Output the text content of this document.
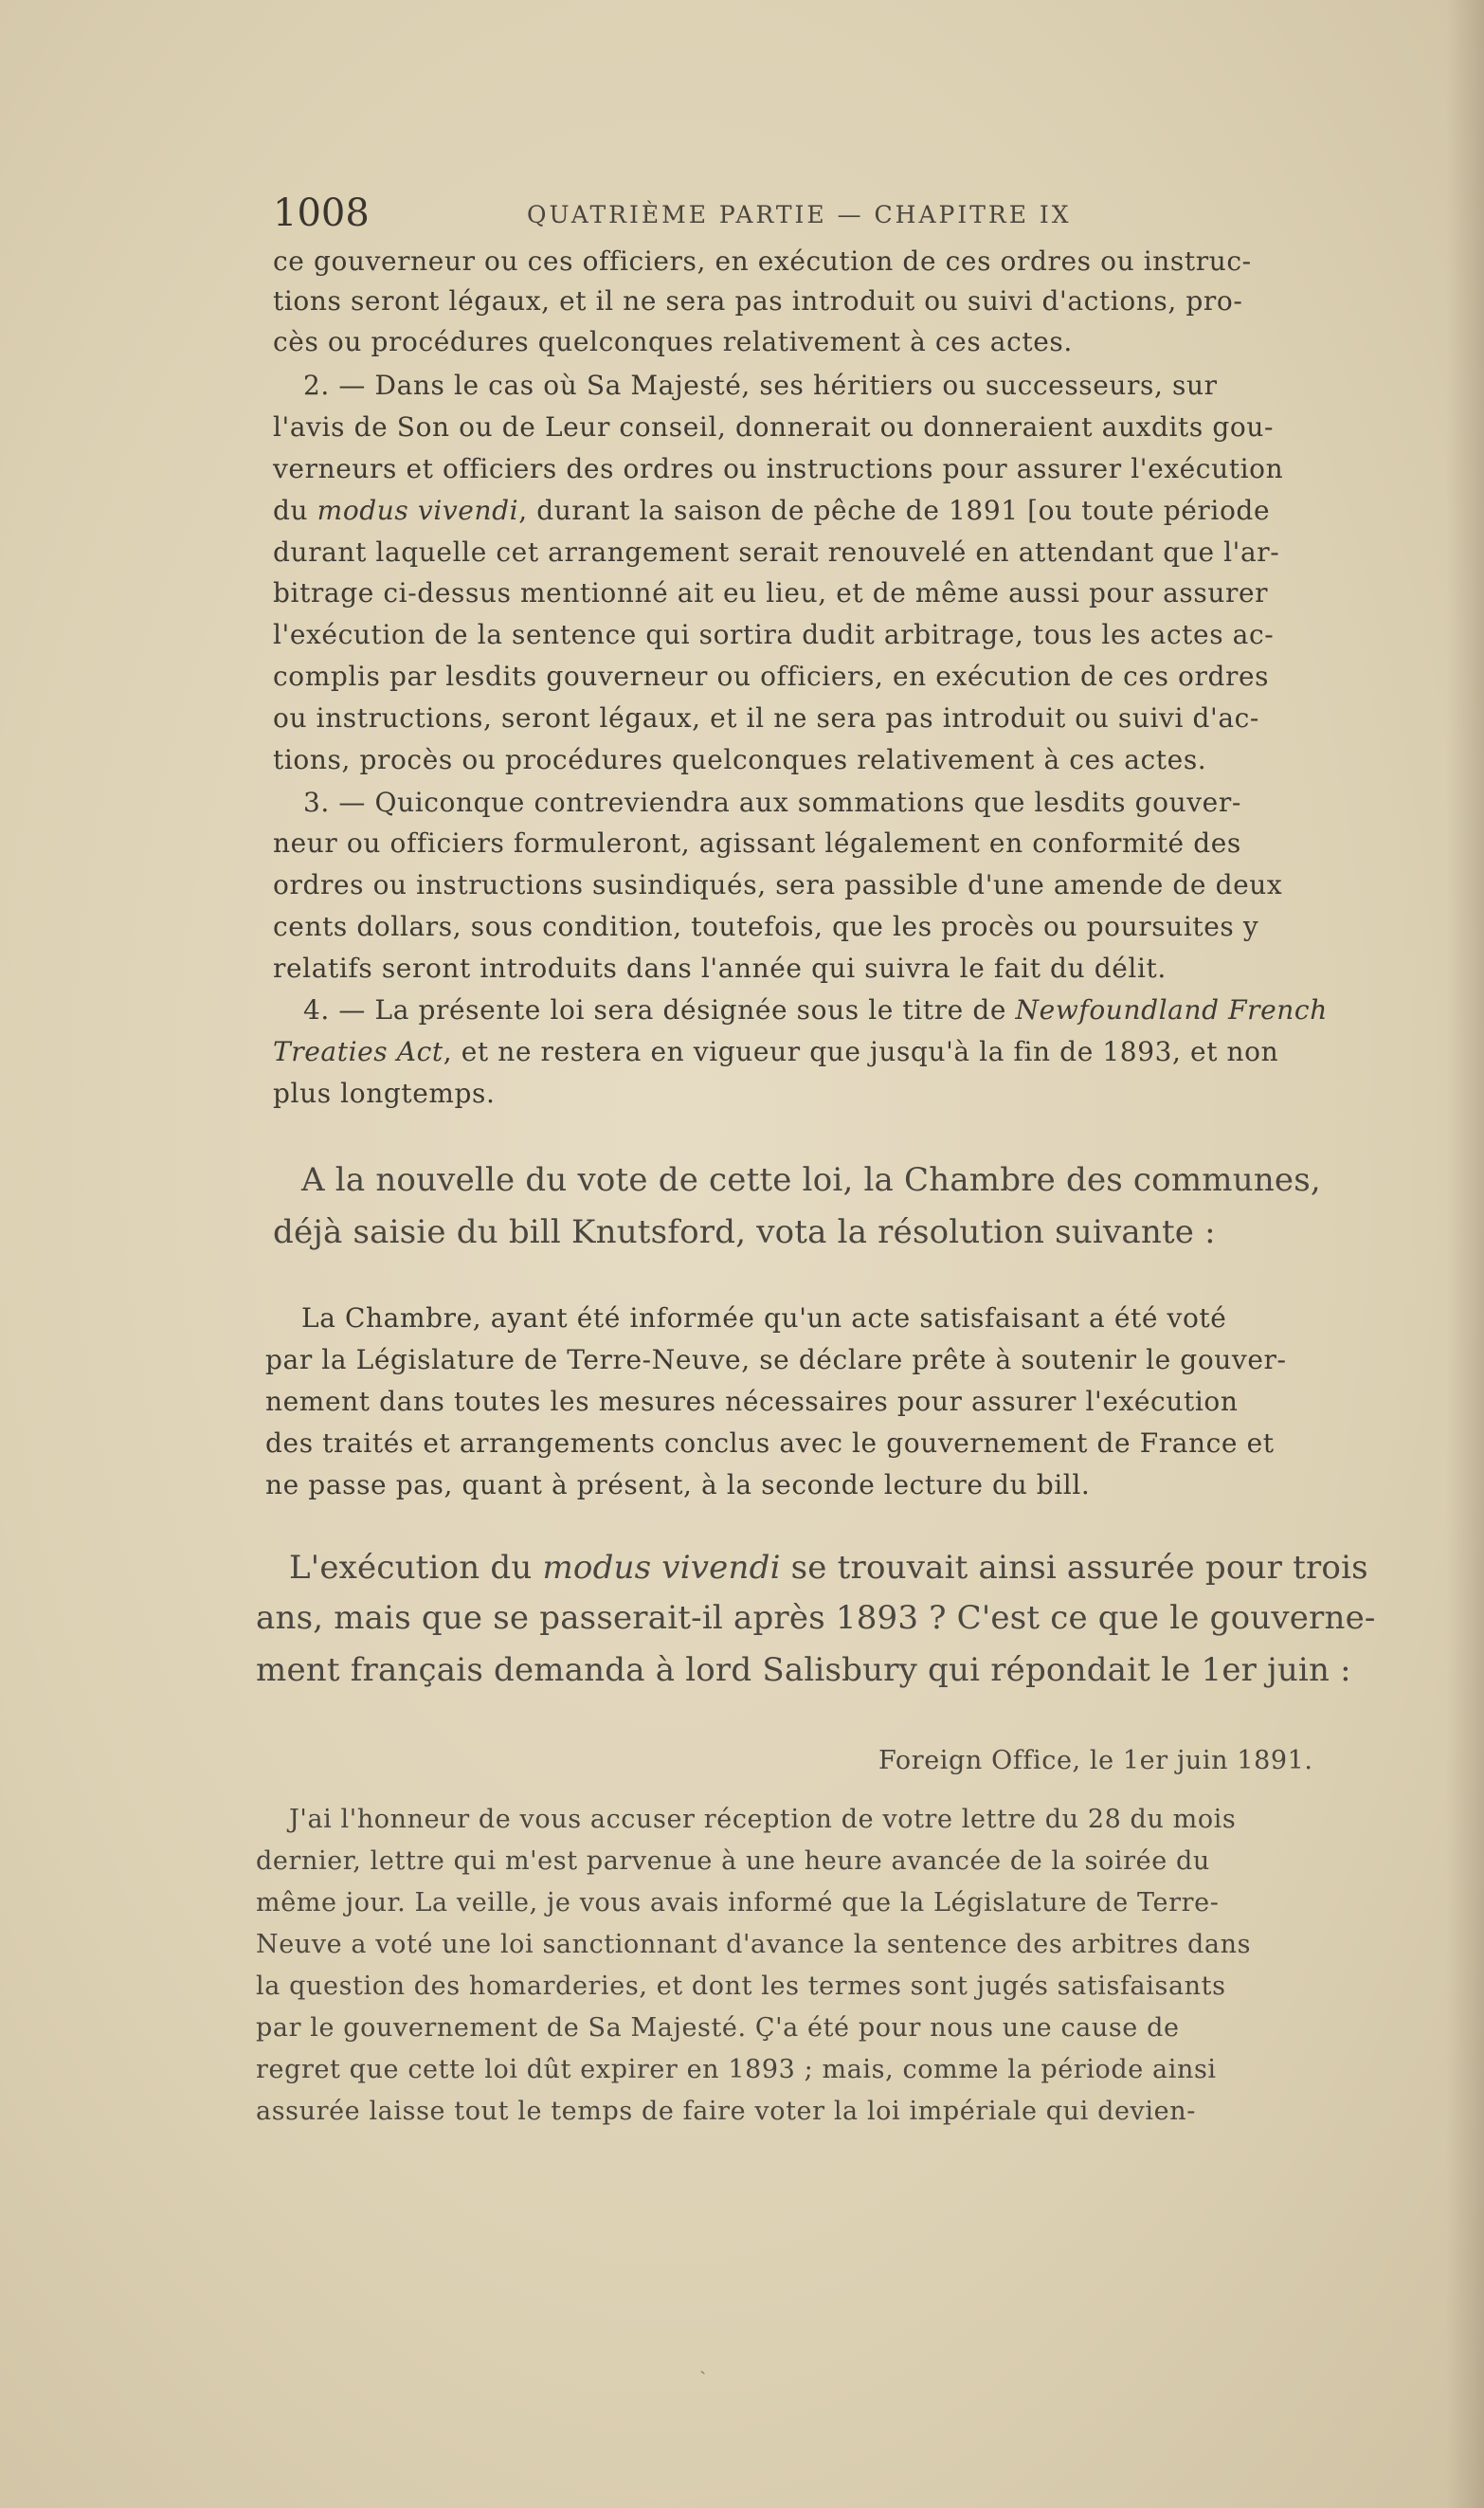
1008	QUATRIÈME PARTIE — CHAPITRE IX
ce gouverneur ou ces officiers, en exécution de ces ordres ou instruc-
tions seront légaux, et il ne sera pas introduit ou suivi d'actions, pro-
cès ou procédures quelconques relativement à ces actes.
2. — Dans le cas où Sa Majesté, ses héritiers ou successeurs, sur
l'avis de Son ou de Leur conseil, donnerait ou donneraient auxdits gou-
verneurs et officiers des ordres ou instructions pour assurer l'exécution
du modus vivendi, durant la saison de pêche de 1891 [ou toute période
durant laquelle cet arrangement serait renouvelé en attendant que l'ar-
bitrage ci-dessus mentionné ait eu lieu, et de même aussi pour assurer
l'exécution de la sentence qui sortira dudit arbitrage, tous les actes ac-
complis par lesdits gouverneur ou officiers, en exécution de ces ordres
ou instructions, seront légaux, et il ne sera pas introduit ou suivi d'ac-
tions, procès ou procédures quelconques relativement à ces actes.
3. — Quiconque contreviendra aux sommations que lesdits gouver-
neur ou officiers formuleront, agissant légalement en conformité des
ordres ou instructions susindiqués, sera passible d'une amende de deux
cents dollars, sous condition, toutefois, que les procès ou poursuites y
relatifs seront introduits dans l'année qui suivra le fait du délit.
4. — La présente loi sera désignée sous le titre de Newfoundland French
Treaties Act, et ne restera en vigueur que jusqu'à la fin de 1893, et non
plus longtemps.
A la nouvelle du vote de cette loi, la Chambre des communes,
déjà saisie du bill Knutsford, vota la résolution suivante :
La Chambre, ayant été informée qu'un acte satisfaisant a été voté
par la Législature de Terre-Neuve, se déclare prête à soutenir le gouver-
nement dans toutes les mesures nécessaires pour assurer l'exécution
des traités et arrangements conclus avec le gouvernement de France et
ne passe pas, quant à présent, à la seconde lecture du bill.
L'exécution du modus vivendi se trouvait ainsi assurée pour trois
ans, mais que se passerait-il après 1893 ? C'est ce que le gouverne-
ment français demanda à lord Salisbury qui répondait le 1er juin :
Foreign Office, le 1er juin 1891.
J'ai l'honneur de vous accuser réception de votre lettre du 28 du mois
dernier, lettre qui m'est parvenue à une heure avancée de la soirée du
même jour. La veille, je vous avais informé que la Législature de Terre-
Neuve a voté une loi sanctionnant d'avance la sentence des arbitres dans
la question des homarderies, et dont les termes sont jugés satisfaisants
par le gouvernement de Sa Majesté. Ç'a été pour nous une cause de
regret que cette loi dût expirer en 1893 ; mais, comme la période ainsi
assurée laisse tout le temps de faire voter la loi impériale qui devien-
ˏ
